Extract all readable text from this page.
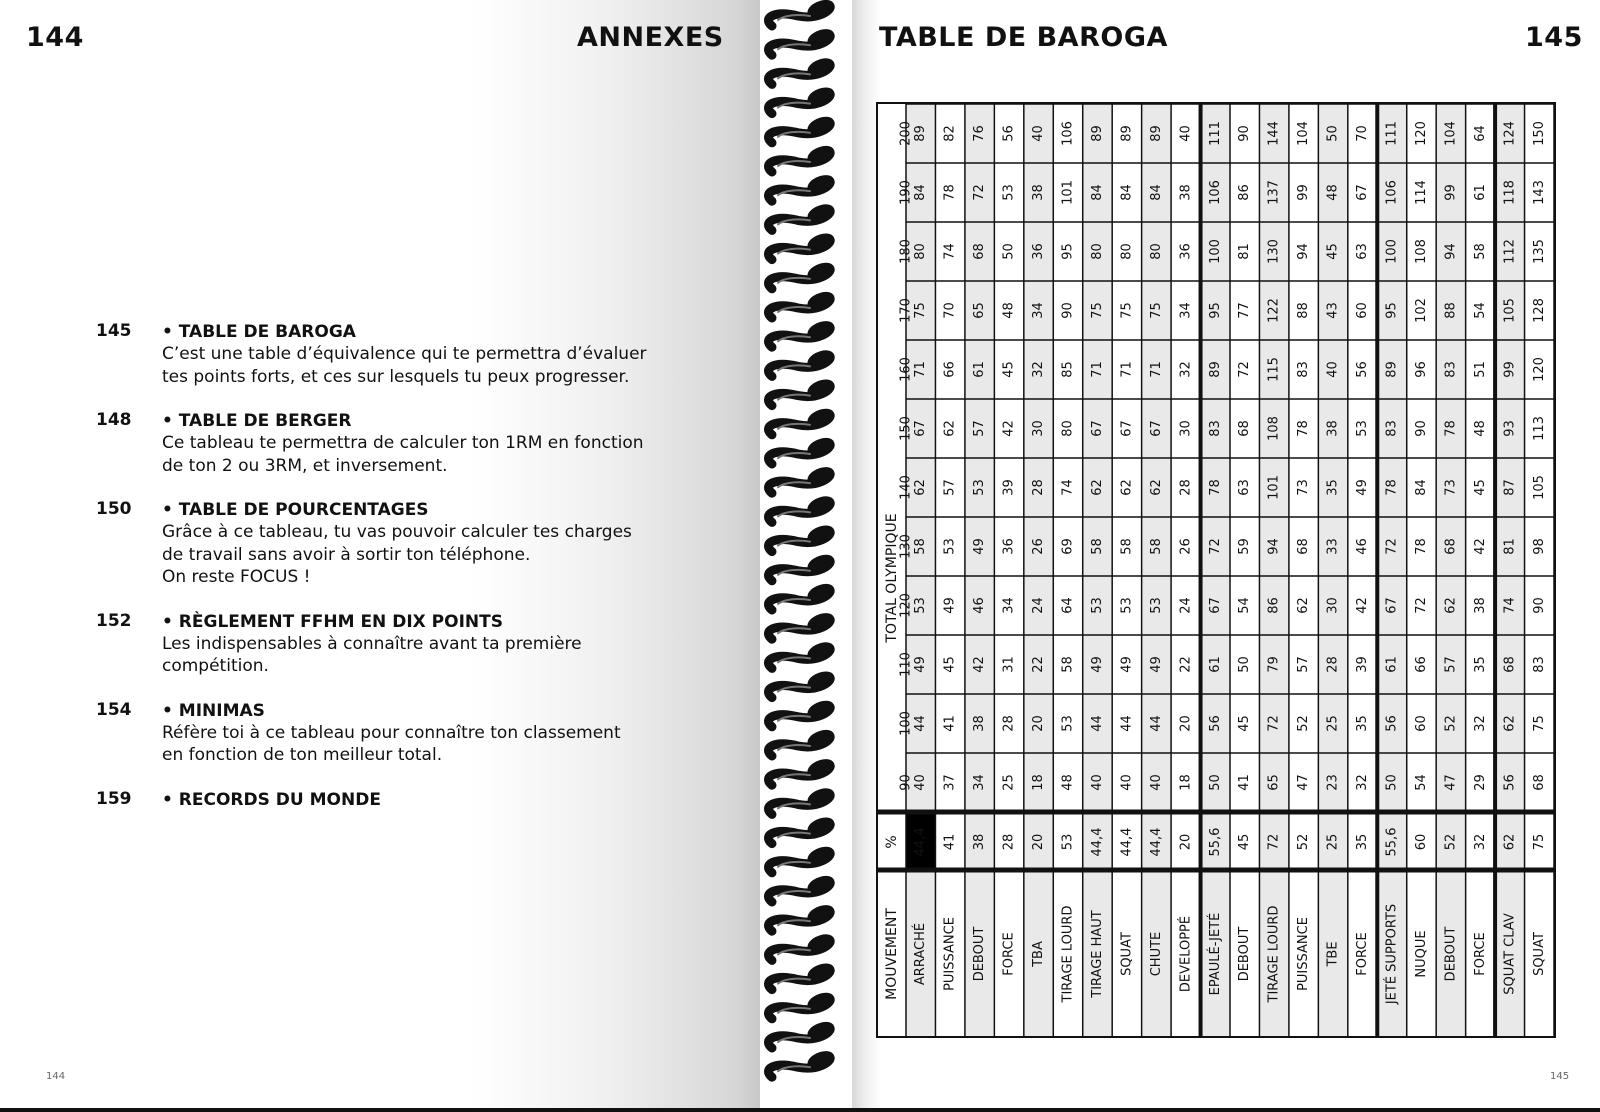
144	ANNEXES
145 • TABLE DE BAROGA
C’est une table d’équivalence qui te permettra d’évaluer
tes points forts, et ces sur lesquels tu peux progresser.
148 • TABLE DE BERGER
Ce tableau te permettra de calculer ton 1RM en fonction
de ton 2 ou 3RM, et inversement.
150 • TABLE DE POURCENTAGES
Grâce à ce tableau, tu vas pouvoir calculer tes charges
de travail sans avoir à sortir ton téléphone.
On reste FOCUS !
152 • RÈGLEMENT FFHM EN DIX POINTS
Les indispensables à connaître avant ta première
compétition.
154 • MINIMAS
Réfère toi à ce tableau pour connaître ton classement
en fonction de ton meilleur total.
159 • RECORDS DU MONDE
144
TABLE DE BAROGA	145
145
TOTAL OLYMPIQUE
%
MOUVEMENT
40
44
49
53
58
62
67
71
75
80
84
89
44,4
ARRACHÉ
37
41
45
49
53
57
62
66
70
74
78
82
41
PUISSANCE
34
38
42
46
49
53
57
61
65
68
72
76
38
DEBOUT
25
28
31
34
36
39
42
45
48
50
53
56
28
FORCE
18
20
22
24
26
28
30
32
34
36
38
40
20
TBA
48
53
58
64
69
74
80
85
90
95
101
106
53
TIRAGE LOURD
40
44
49
53
58
62
67
71
75
80
84
89
44,4
TIRAGE HAUT
40
44
49
53
58
62
67
71
75
80
84
89
44,4
SQUAT
40
44
49
53
58
62
67
71
75
80
84
89
44,4
CHUTE
18
20
22
24
26
28
30
32
34
36
38
40
20
DEVELOPPÉ
50
56
61
67
72
78
83
89
95
100
106
111
55,6
EPAULÉ-JETÉ
41
45
50
54
59
63
68
72
77
81
86
90
45
DEBOUT
65
72
79
86
94
101
108
115
122
130
137
144
72
TIRAGE LOURD
47
52
57
62
68
73
78
83
88
94
99
104
52
PUISSANCE
23
25
28
30
33
35
38
40
43
45
48
50
25
TBE
32
35
39
42
46
49
53
56
60
63
67
70
35
FORCE
50
56
61
67
72
78
83
89
95
100
106
111
55,6
JETÉ SUPPORTS
54
60
66
72
78
84
90
96
102
108
114
120
60
NUQUE
47
52
57
62
68
73
78
83
88
94
99
104
52
DEBOUT
29
32
35
38
42
45
48
51
54
58
61
64
32
FORCE
56
62
68
74
81
87
93
99
105
112
118
124
62
SQUAT CLAV
68
75
83
90
98
105
113
120
128
135
143
150
75
SQUAT
90
100
110
120
130
140
150
160
170
180
190
200
